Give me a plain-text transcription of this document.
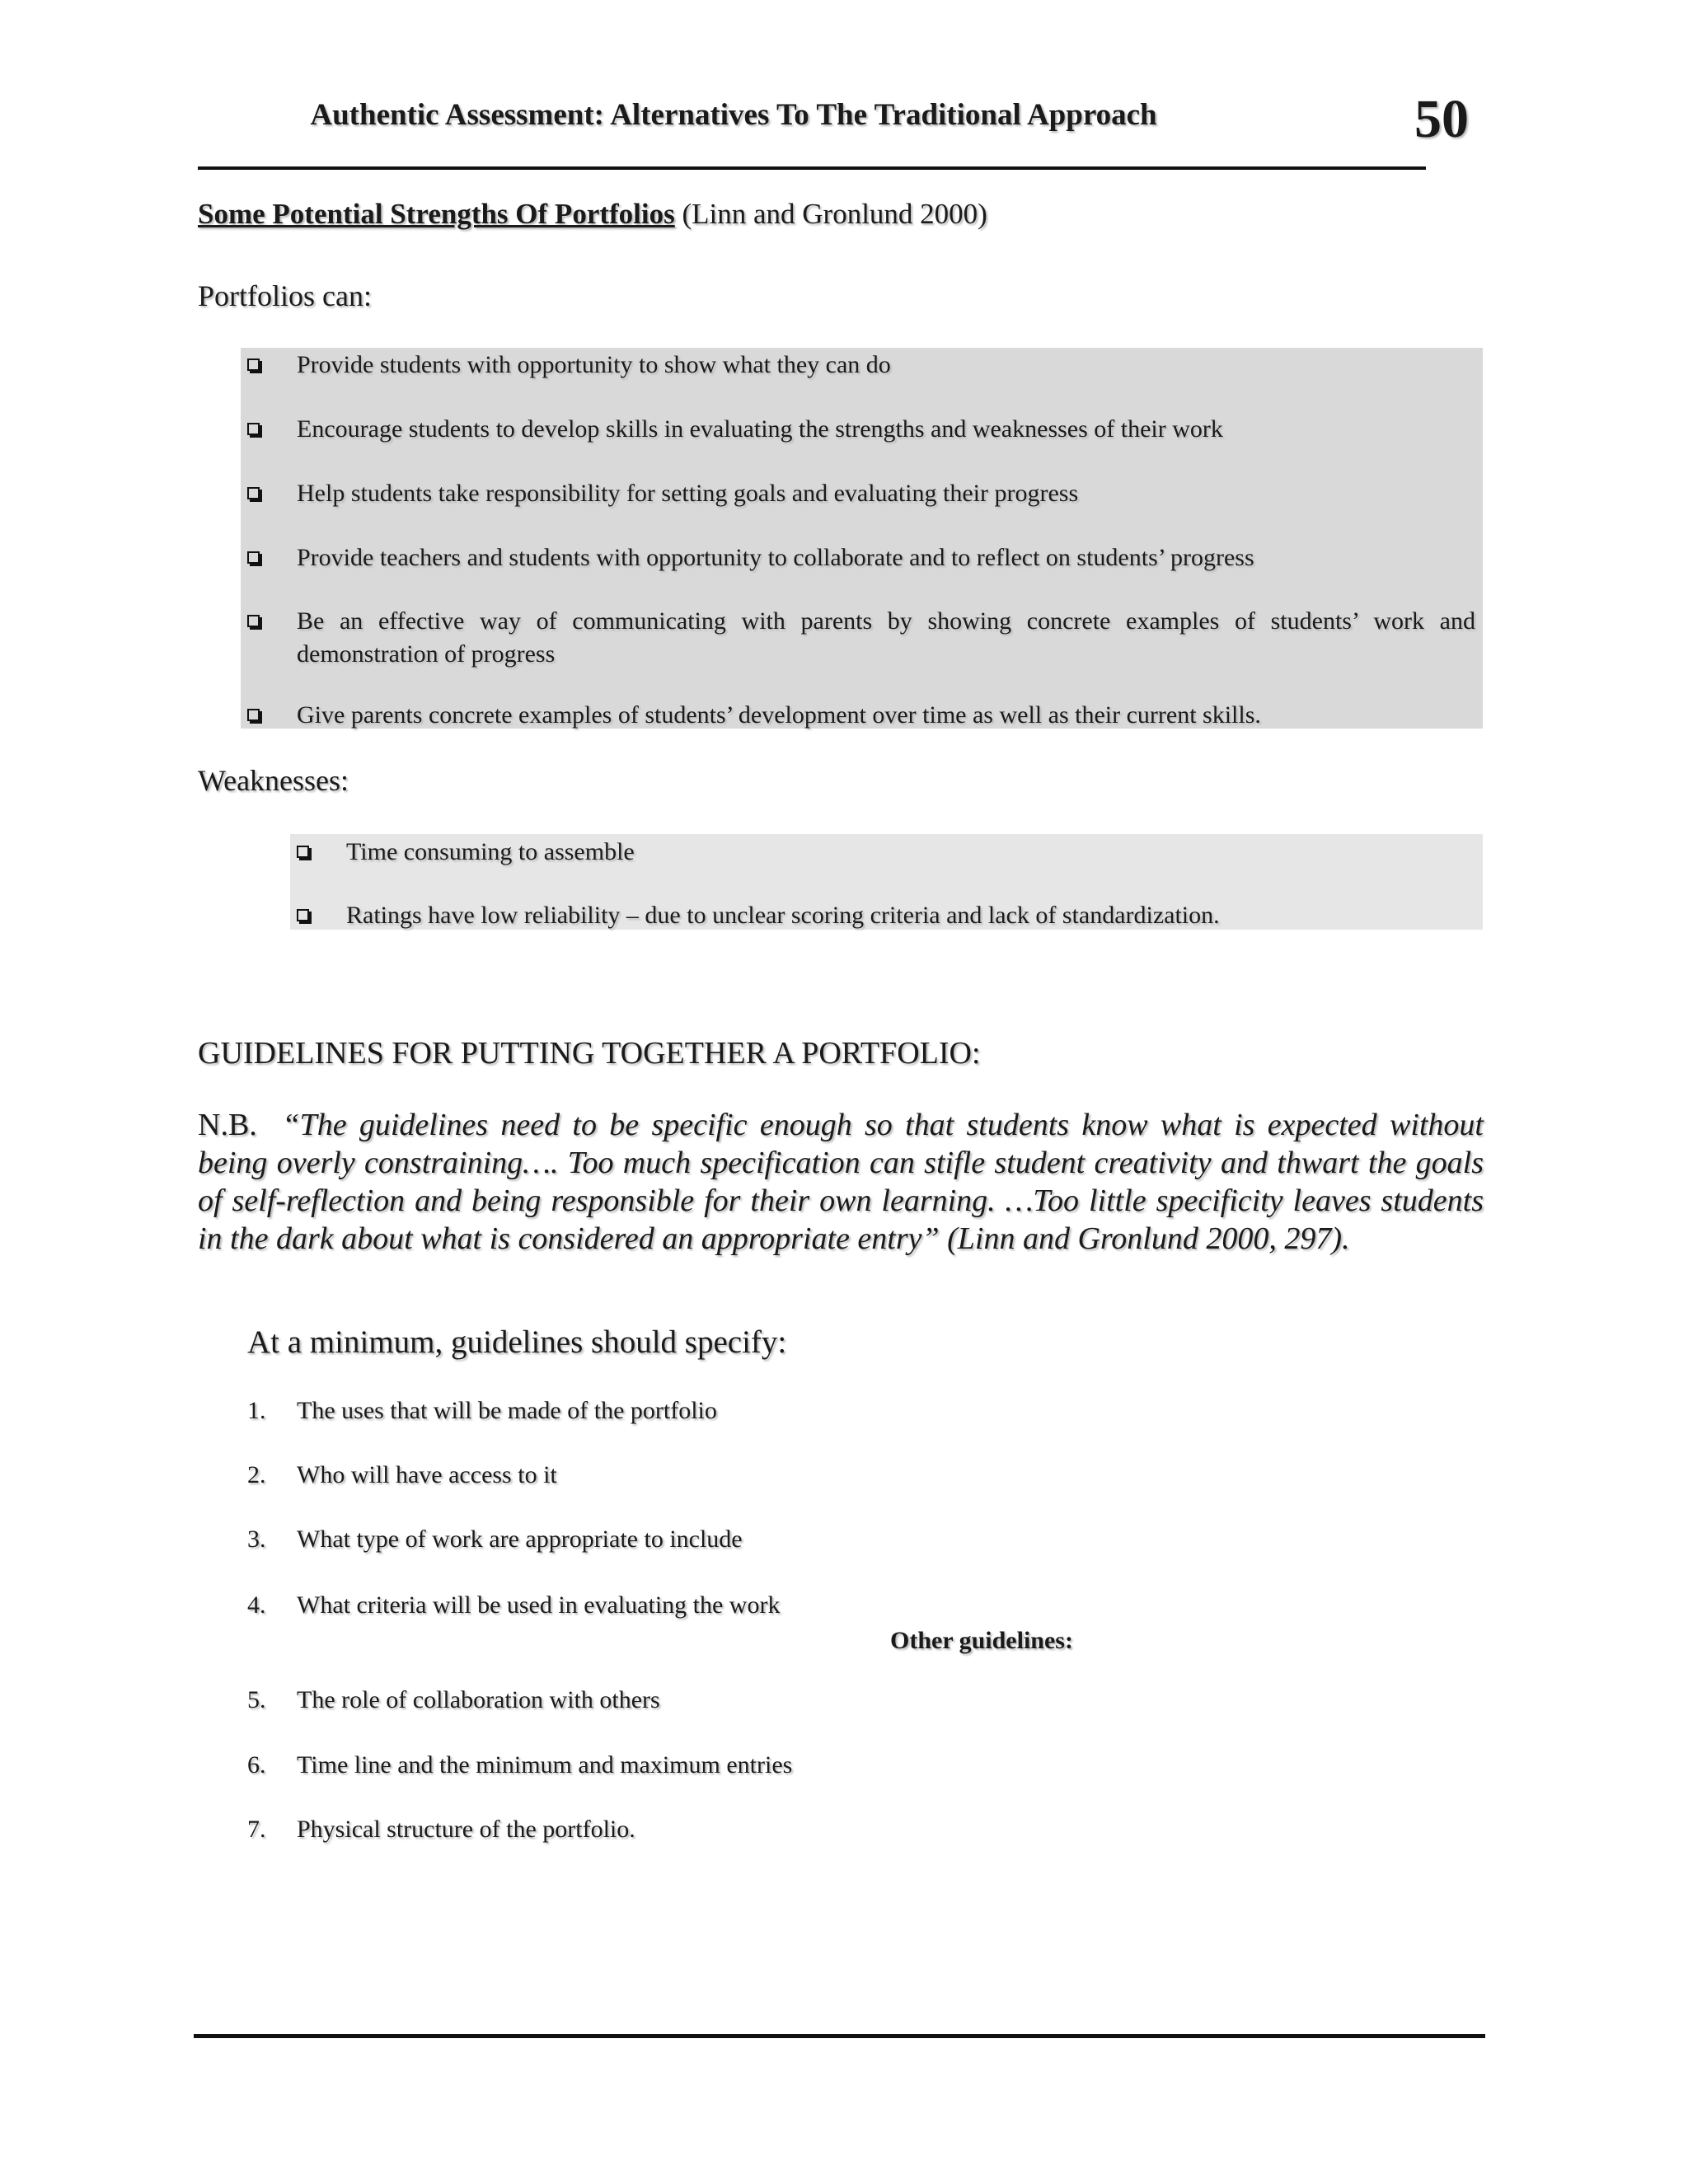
Authentic Assessment: Alternatives To The Traditional Approach	50
Some Potential Strengths Of Portfolios (Linn and Gronlund 2000)
Portfolios can:
Provide students with opportunity to show what they can do
Encourage students to develop skills in evaluating the strengths and weaknesses of their work
Help students take responsibility for setting goals and evaluating their progress
Provide teachers and students with opportunity to collaborate and to reflect on students’ progress
Be an effective way of communicating with parents by showing concrete examples of students’ work and demonstration of progress
Give parents concrete examples of students’ development over time as well as their current skills.
Weaknesses:
Time consuming to assemble
Ratings have low reliability – due to unclear scoring criteria and lack of standardization.
GUIDELINES FOR PUTTING TOGETHER A PORTFOLIO:
N.B. “The guidelines need to be specific enough so that students know what is expected without being overly constraining…. Too much specification can stifle student creativity and thwart the goals of self-reflection and being responsible for their own learning. …Too little specificity leaves students in the dark about what is considered an appropriate entry” (Linn and Gronlund 2000, 297).
At a minimum, guidelines should specify:
1. The uses that will be made of the portfolio
2. Who will have access to it
3. What type of work are appropriate to include
4. What criteria will be used in evaluating the work
Other guidelines:
5. The role of collaboration with others
6. Time line and the minimum and maximum entries
7. Physical structure of the portfolio.
